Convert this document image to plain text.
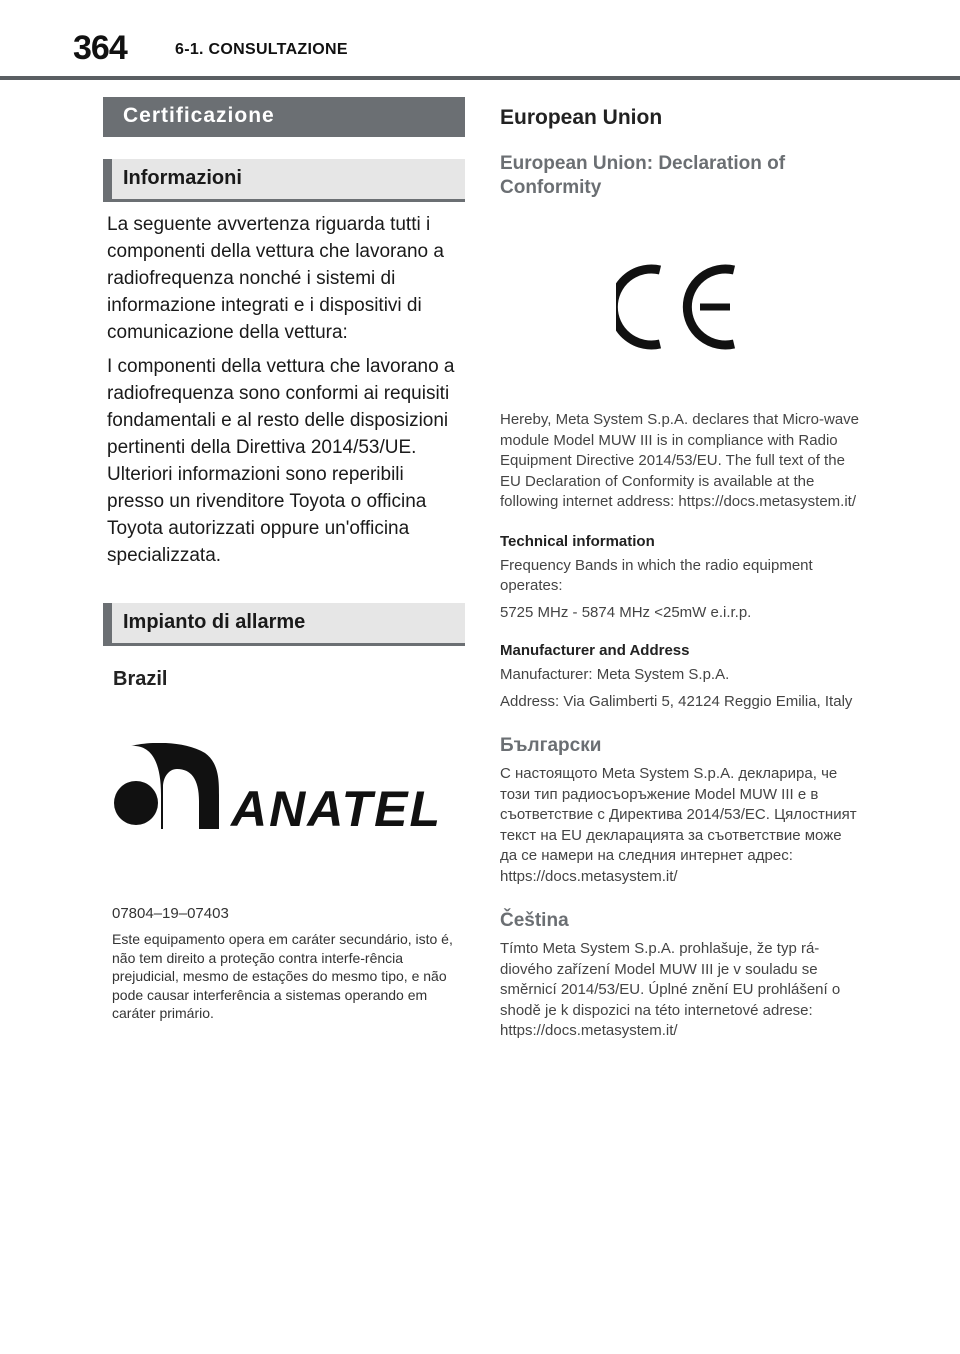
364	6-1. CONSULTAZIONE
Certificazione
Informazioni

La seguente avvertenza riguarda tutti i componenti della vettura che lavorano a radiofrequenza nonché i sistemi di informazione integrati e i dispositivi di comunicazione della vettura:

I componenti della vettura che lavorano a radiofrequenza sono conformi ai requisiti fondamentali e al resto delle disposizioni pertinenti della Direttiva 2014/53/UE. Ulteriori informazioni sono reperibili presso un rivenditore Toyota o officina Toyota autorizzati oppure un'officina specializzata.

Impianto di allarme
Brazil
ANATEL

07804–19–07403

Este equipamento opera em caráter secundário, isto é, não tem direito a proteção contra interfe-rência prejudicial, mesmo de estações do mesmo tipo, e não pode causar interferência a sistemas operando em caráter primário.

European Union
European Union: Declaration of Conformity

Hereby, Meta System S.p.A. declares that Micro-wave module Model MUW III is in compliance with Radio Equipment Directive 2014/53/EU. The full text of the EU Declaration of Conformity is available at the following internet address: https://docs.metasystem.it/

Technical information

Frequency Bands in which the radio equipment operates:

5725 MHz - 5874 MHz <25mW e.i.r.p.

Manufacturer and Address

Manufacturer: Meta System S.p.A.

Address: Via Galimberti 5, 42124 Reggio Emilia, Italy

Български

С настоящото Meta System S.p.A. декларира, че този тип радиосъоръжение Model MUW III е в съответствие с Директива 2014/53/ЕС. Цялостният текст на EU декларацията за съответствие може да се намери на следния интернет адрес: https://docs.metasystem.it/

Čeština

Tímto Meta System S.p.A. prohlašuje, že typ rá-diového zařízení Model MUW III je v souladu se směrnicí 2014/53/EU. Úplné znění EU prohlášení o shodě je k dispozici na této internetové adrese: https://docs.metasystem.it/
